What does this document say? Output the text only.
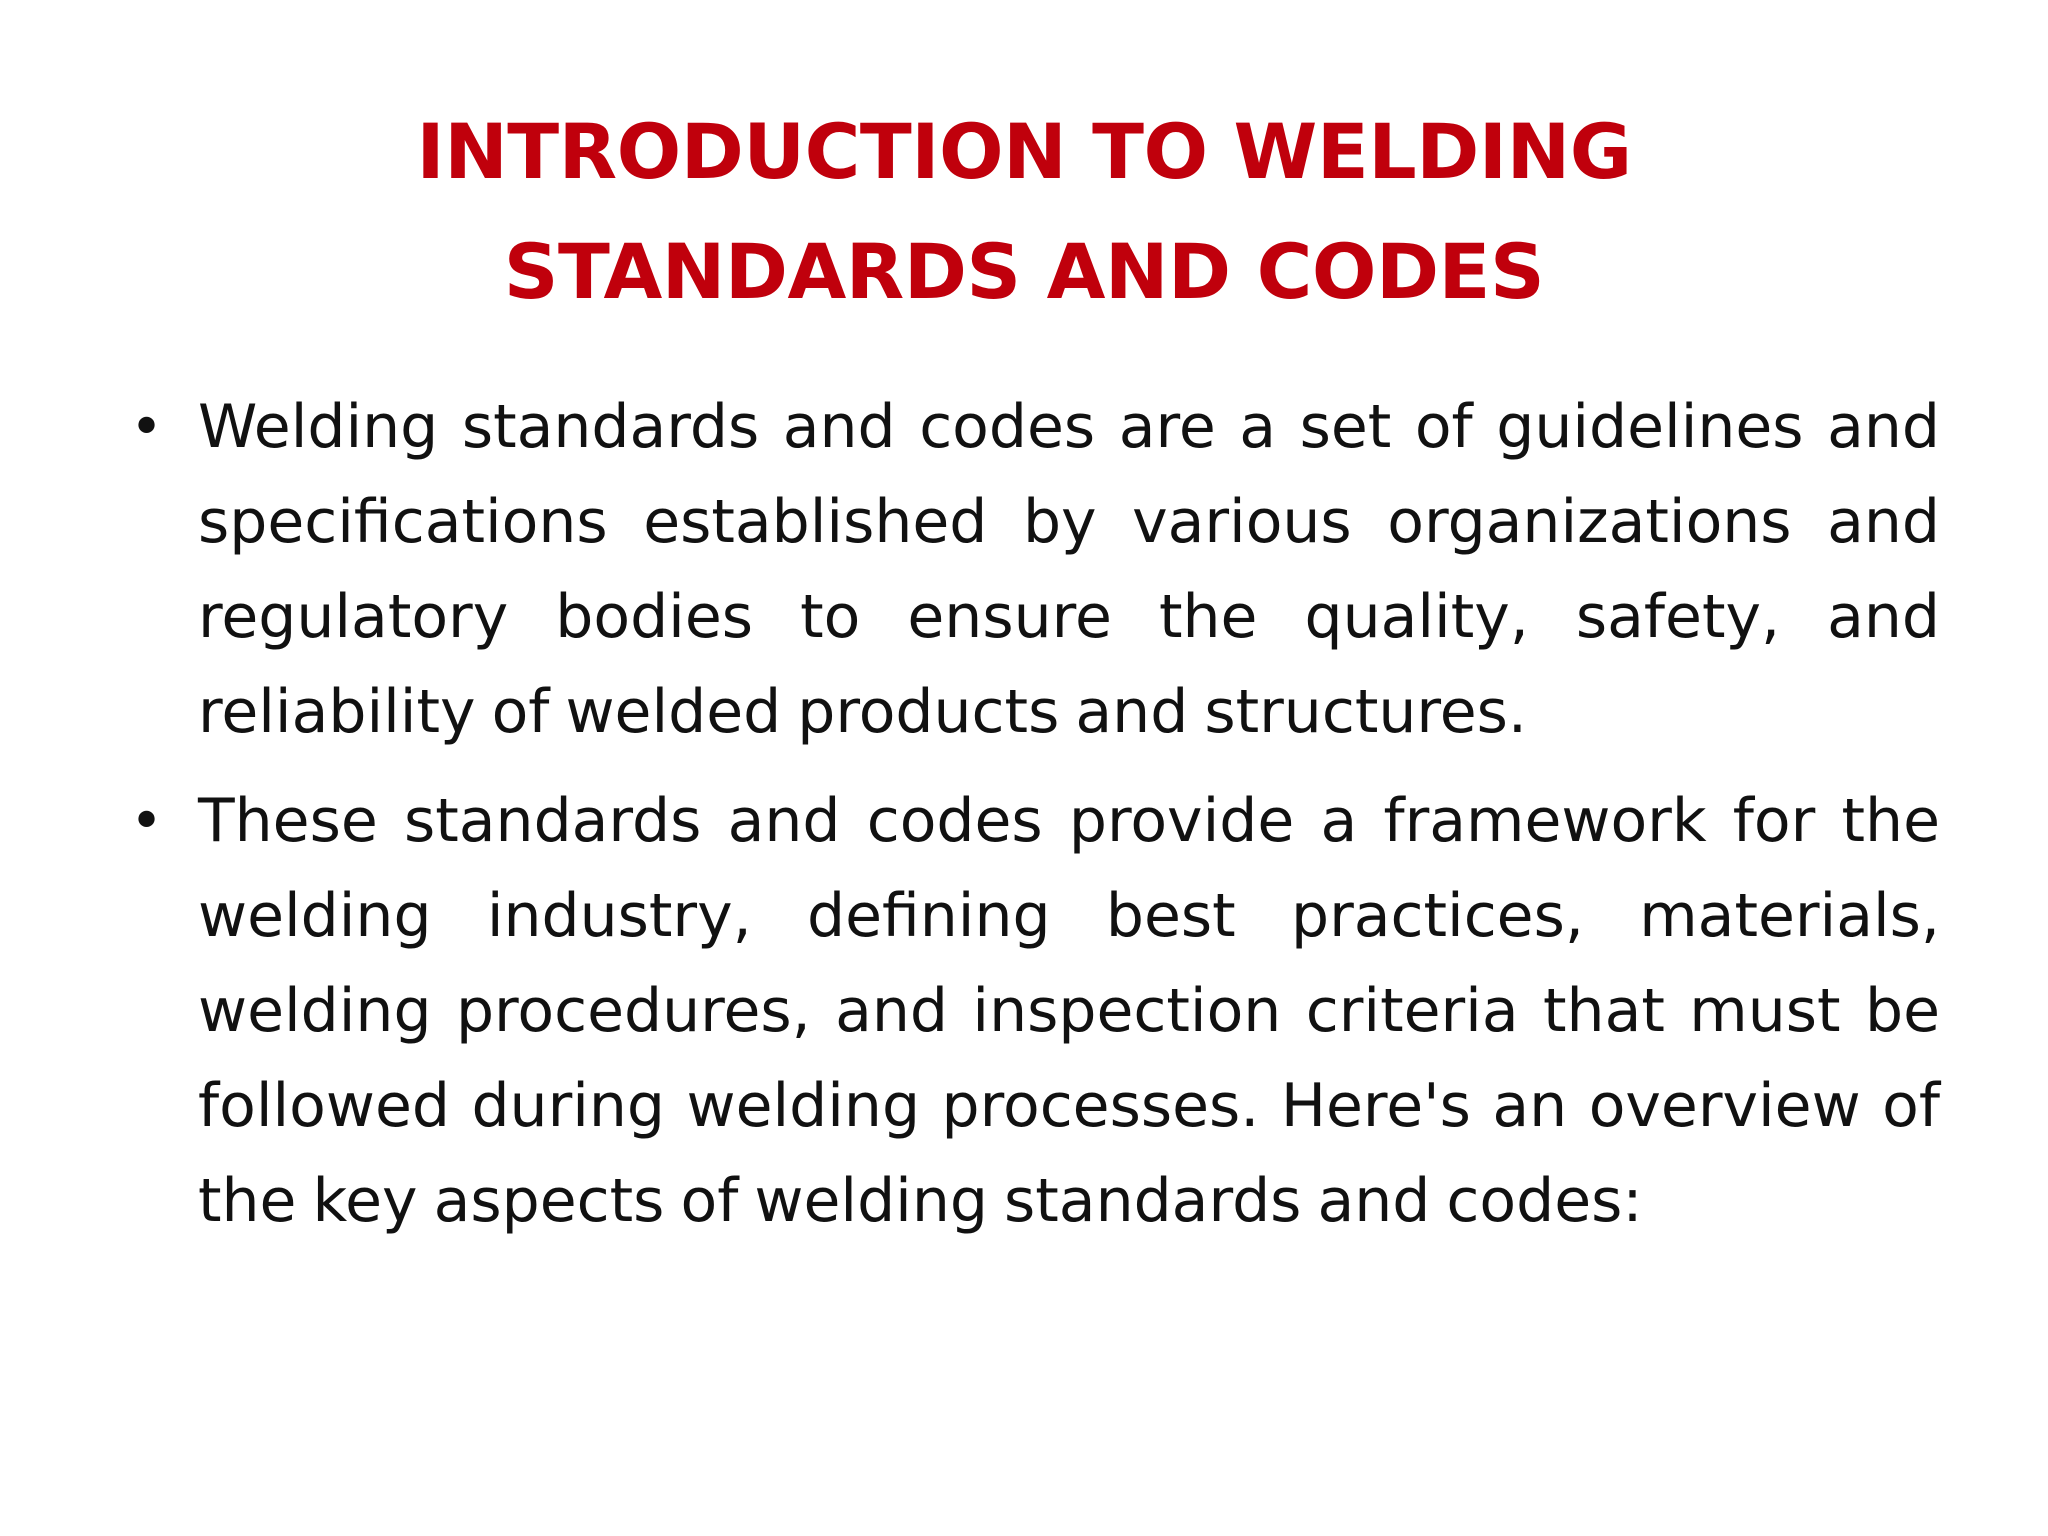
INTRODUCTION TO WELDING
STANDARDS AND CODES
• Welding standards and codes are a set of guidelines and specifications established by various organizations and regulatory bodies to ensure the quality, safety, and reliability of welded products and structures.
• These standards and codes provide a framework for the welding industry, defining best practices, materials, welding procedures, and inspection criteria that must be followed during welding processes. Here's an overview of the key aspects of welding standards and codes:
